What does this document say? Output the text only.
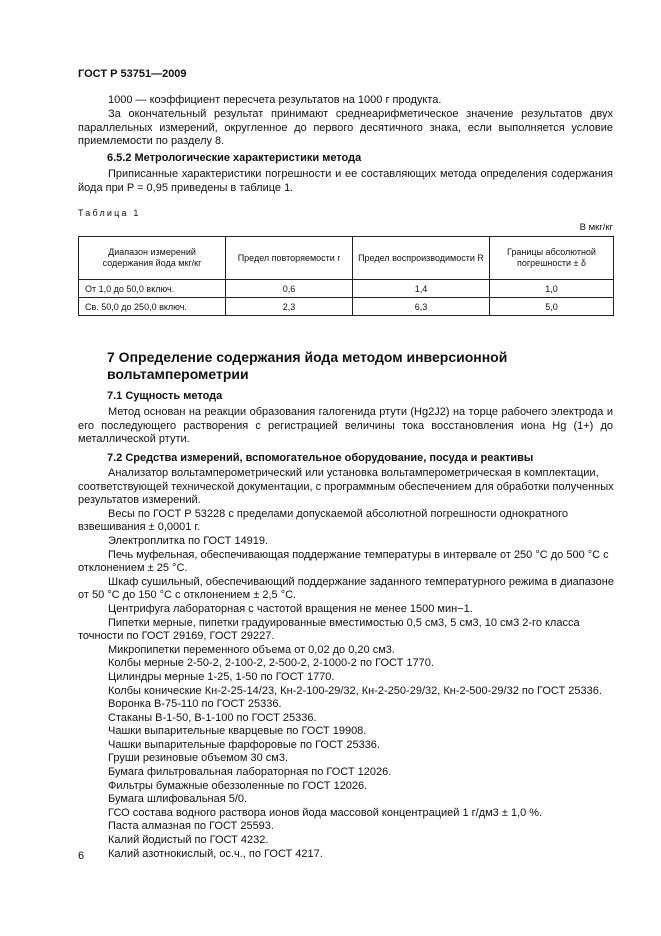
ГОСТ Р 53751—2009

1000 — коэффициент пересчета результатов на 1000 г продукта.

За окончательный результат принимают среднеарифметическое значение результатов двух параллельных измерений, округленное до первого десятичного знака, если выполняется условие приемлемости по разделу 8.

6.5.2 Метрологические характеристики метода

Приписанные характеристики погрешности и ее составляющих метода определения содержания йода при P = 0,95 приведены в таблице 1.

Таблица 1
В мкг/кг
Диапазон измерений содержания йода мкг/кг	Предел повторяемости r	Предел воспроизводимости R	Границы абсолютной погрешности ± δ
От 1,0 до 50,0 включ.	0,6	1,4	1,0
Св. 50,0 до 250,0 включ.	2,3	6,3	5,0
7 Определение содержания йода методом инверсионной вольтамперометрии
7.1 Сущность метода

Метод основан на реакции образования галогенида ртути (Hg2J2) на торце рабочего электрода и его последующего растворения с регистрацией величины тока восстановления иона Hg (1+) до металлической ртути.

7.2 Средства измерений, вспомогательное оборудование, посуда и реактивы
Анализатор вольтамперометрический или установка вольтамперометрическая в комплектации, соответствующей технической документации, с программным обеспечением для обработки полученных результатов измерений.
Весы по ГОСТ Р 53228 с пределами допускаемой абсолютной погрешности однократного взвешивания ± 0,0001 г.
Электроплитка по ГОСТ 14919.
Печь муфельная, обеспечивающая поддержание температуры в интервале от 250 °С до 500 °С с отклонением ± 25 °С.
Шкаф сушильный, обеспечивающий поддержание заданного температурного режима в диапазоне от 50 °С до 150 °С с отклонением ± 2,5 °С.
Центрифуга лабораторная с частотой вращения не менее 1500 мин−1.
Пипетки мерные, пипетки градуированные вместимостью 0,5 см3, 5 см3, 10 см3 2-го класса точности по ГОСТ 29169, ГОСТ 29227.
Микропипетки переменного объема от 0,02 до 0,20 см3.
Колбы мерные 2-50-2, 2-100-2, 2-500-2, 2-1000-2 по ГОСТ 1770.
Цилиндры мерные 1-25, 1-50 по ГОСТ 1770.
Колбы конические Кн-2-25-14/23, Кн-2-100-29/32, Кн-2-250-29/32, Кн-2-500-29/32 по ГОСТ 25336.
Воронка В-75-110 по ГОСТ 25336.
Стаканы В-1-50, В-1-100 по ГОСТ 25336.
Чашки выпарительные кварцевые по ГОСТ 19908.
Чашки выпарительные фарфоровые по ГОСТ 25336.
Груши резиновые объемом 30 см3.
Бумага фильтровальная лабораторная по ГОСТ 12026.
Фильтры бумажные обеззоленные по ГОСТ 12026.
Бумага шлифовальная 5/0.
ГСО состава водного раствора ионов йода массовой концентрацией 1 г/дм3 ± 1,0 %.
Паста алмазная по ГОСТ 25593.
Калий йодистый по ГОСТ 4232.
Калий азотнокислый, ос.ч., по ГОСТ 4217.
6
